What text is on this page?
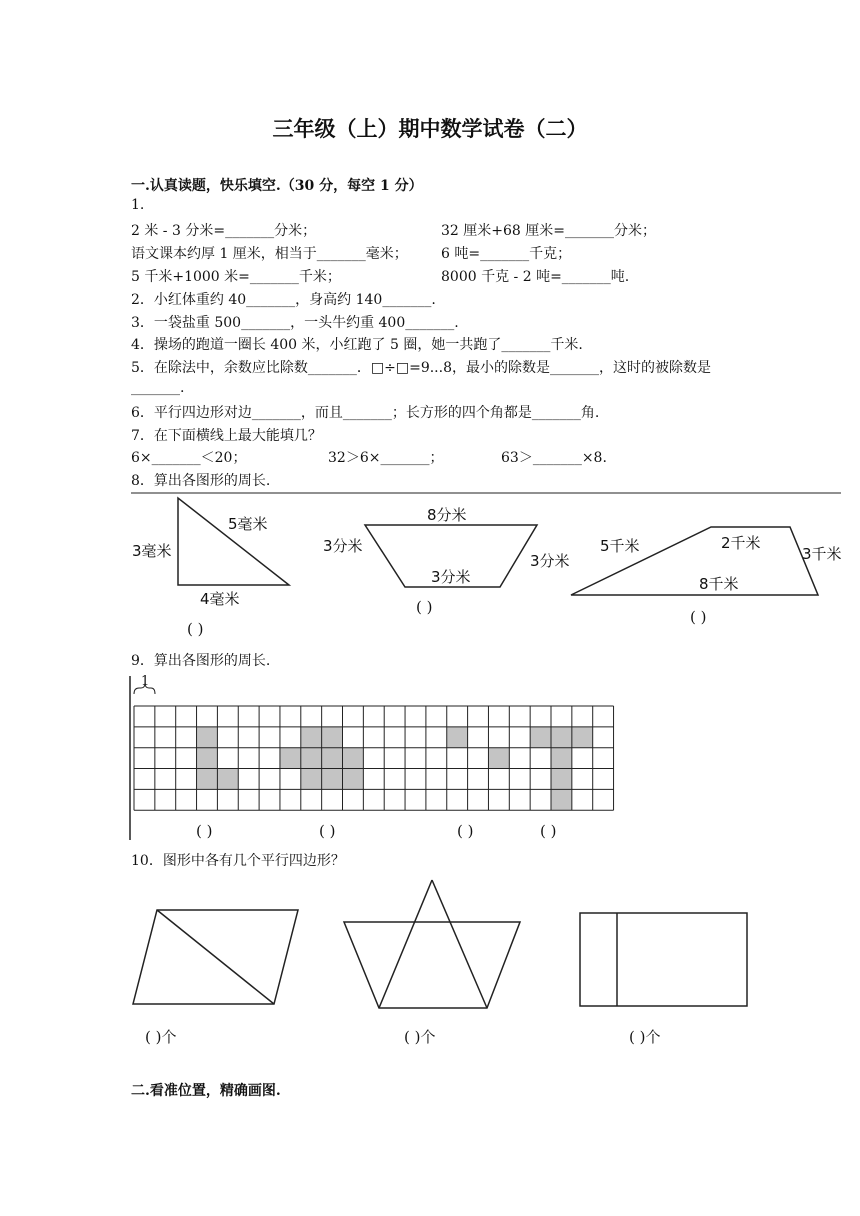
三年级（上）期中数学试卷（二）
一.认真读题，快乐填空.（30 分，每空 1 分）
1.
2 米 - 3 分米=_______分米；	32 厘米+68 厘米=_______分米；
语文课本约厚 1 厘米，相当于_______毫米； 6 吨=_______千克；
5 千米+1000 米=_______千米；	8000 千克 - 2 吨=_______吨.
2．小红体重约 40_______，身高约 140_______.
3．一袋盐重 500_______，一头牛约重 400_______.
4．操场的跑道一圈长 400 米，小红跑了 5 圈，她一共跑了_______千米.
5．在除法中，余数应比除数_______．□÷□=9...8，最小的除数是_______，这时的被除数是
_______.
6．平行四边形对边_______，而且_______；长方形的四个角都是_______角.
7．在下面横线上最大能填几？
6×_______＜20；	32＞6×_______；	63＞_______×8.
8．算出各图形的周长.
3毫米
5毫米
4毫米
( )
8分米
3分米
3分米
3分米
( )
5千米	2千米
3千米
8千米
( )
9．算出各图形的周长.
1
( )	( )	( )	( )
10．图形中各有几个平行四边形？
( )个	( )个	( )个
二.看准位置，精确画图.
